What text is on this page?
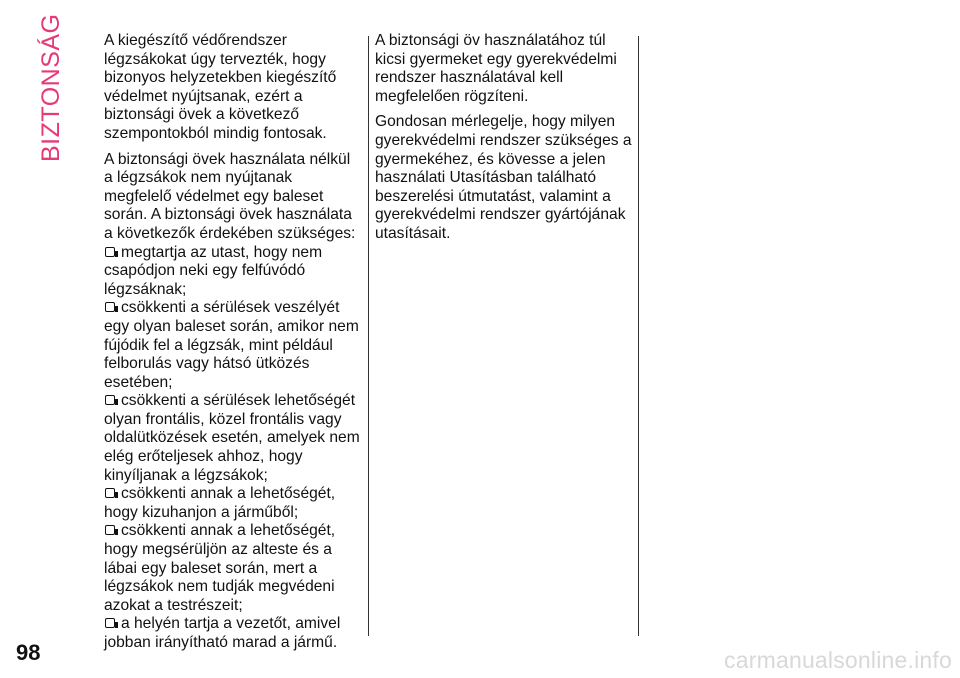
BIZTONSÁG	A kiegészítő védőrendszer légzsákokat úgy tervezték, hogy bizonyos helyzetekben kiegészítő védelmet nyújtsanak, ezért a biztonsági övek a következő szempontokból mindig fontosak.

A biztonsági övek használata nélkül a légzsákok nem nyújtanak megfelelő védelmet egy baleset során. A biztonsági övek használata a következők érdekében szükséges:

megtartja az utast, hogy nem csapódjon neki egy felfúvódó légzsáknak;

csökkenti a sérülések veszélyét egy olyan baleset során, amikor nem fújódik fel a légzsák, mint például felborulás vagy hátsó ütközés esetében;

csökkenti a sérülések lehetőségét olyan frontális, közel frontális vagy oldalütközések esetén, amelyek nem elég erőteljesek ahhoz, hogy kinyíljanak a légzsákok;

csökkenti annak a lehetőségét, hogy kizuhanjon a járműből;

csökkenti annak a lehetőségét, hogy megsérüljön az alteste és a lábai egy baleset során, mert a légzsákok nem tudják megvédeni azokat a testrészeit;

a helyén tartja a vezetőt, amivel jobban irányítható marad a jármű.

A biztonsági öv használatához túl kicsi gyermeket egy gyerekvédelmi rendszer használatával kell megfelelően rögzíteni.

Gondosan mérlegelje, hogy milyen gyerekvédelmi rendszer szükséges a gyermekéhez, és kövesse a jelen használati Utasításban található beszerelési útmutatást, valamint a gyerekvédelmi rendszer gyártójának utasításait.

98	carmanualsonline.info
